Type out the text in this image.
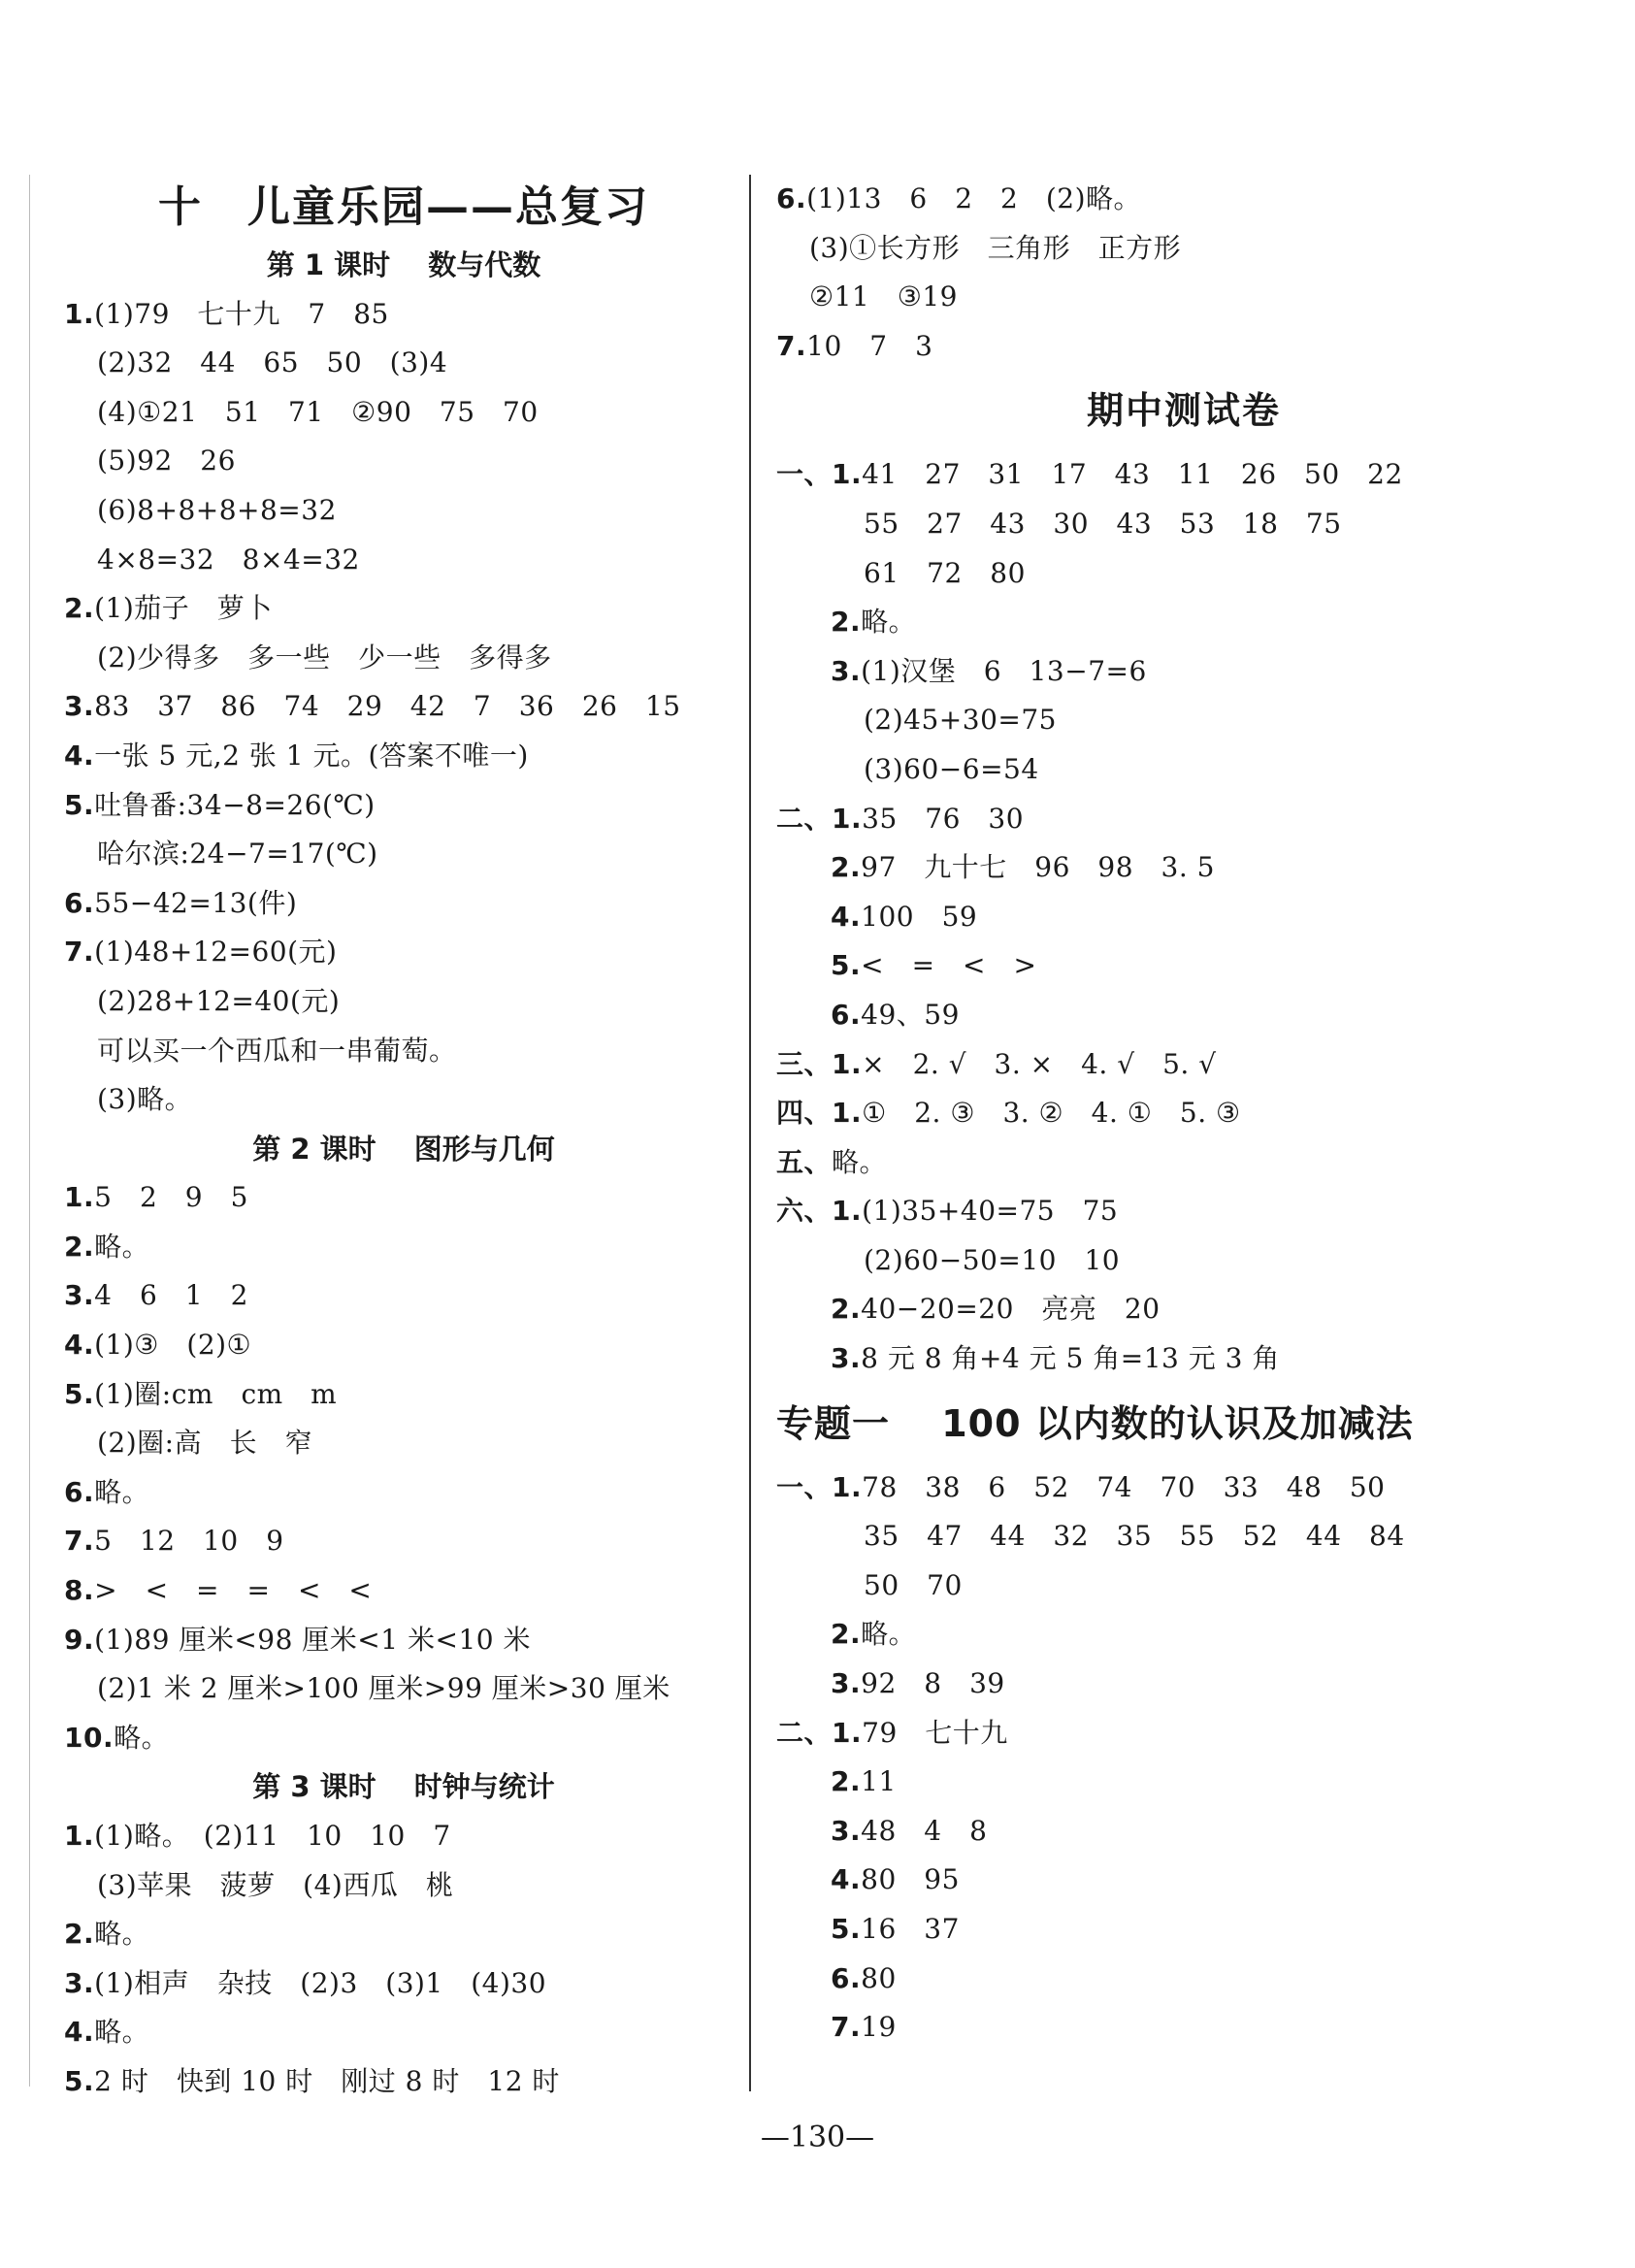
十　儿童乐园——总复习
第 1 课时　 数与代数
1.(1)79　七十九　7　85
(2)32　44　65　50　(3)4
(4)①21　51　71　②90　75　70
(5)92　26
(6)8+8+8+8=32
4×8=32　8×4=32
2.(1)茄子　萝卜
(2)少得多　多一些　少一些　多得多
3.83　37　86　74　29　42　7　36　26　15
4.一张 5 元,2 张 1 元。(答案不唯一)
5.吐鲁番:34−8=26(℃)
哈尔滨:24−7=17(℃)
6.55−42=13(件)
7.(1)48+12=60(元)
(2)28+12=40(元)
可以买一个西瓜和一串葡萄。
(3)略。
第 2 课时　 图形与几何
1.5　2　9　5
2.略。
3.4　6　1　2
4.(1)③　(2)①
5.(1)圈:cm　cm　m
(2)圈:高　长　窄
6.略。
7.5　12　10　9
8.>　<　=　=　<　<
9.(1)89 厘米<98 厘米<1 米<10 米
(2)1 米 2 厘米>100 厘米>99 厘米>30 厘米
10.略。
第 3 课时　 时钟与统计
1.(1)略。　(2)11　10　10　7
(3)苹果　菠萝　(4)西瓜　桃
2.略。
3.(1)相声　杂技　(2)3　(3)1　(4)30
4.略。
5.2 时　快到 10 时　刚过 8 时　12 时
6.(1)13　6　2　2　(2)略。
(3)①长方形　三角形　正方形
②11　③19
7.10　7　3
期中测试卷
一、1.41　27　31　17　43　11　26　50　22
55　27　43　30　43　53　18　75
61　72　80
2.略。
3.(1)汉堡　6　13−7=6
(2)45+30=75
(3)60−6=54
二、1.35　76　30
2.97　九十七　96　98　3. 5
4.100　59
5.<　=　<　>
6.49、59
三、1.×　2. √　3. ×　4. √　5. √
四、1.①　2. ③　3. ②　4. ①　5. ③
五、略。
六、1.(1)35+40=75　75
(2)60−50=10　10
2.40−20=20　亮亮　20
3.8 元 8 角+4 元 5 角=13 元 3 角
专题一　 100 以内数的认识及加减法
一、1.78　38　6　52　74　70　33　48　50
35　47　44　32　35　55　52　44　84
50　70
2.略。
3.92　8　39
二、1.79　七十九
2.11
3.48　4　8
4.80　95
5.16　37
6.80
7.19
—130—
